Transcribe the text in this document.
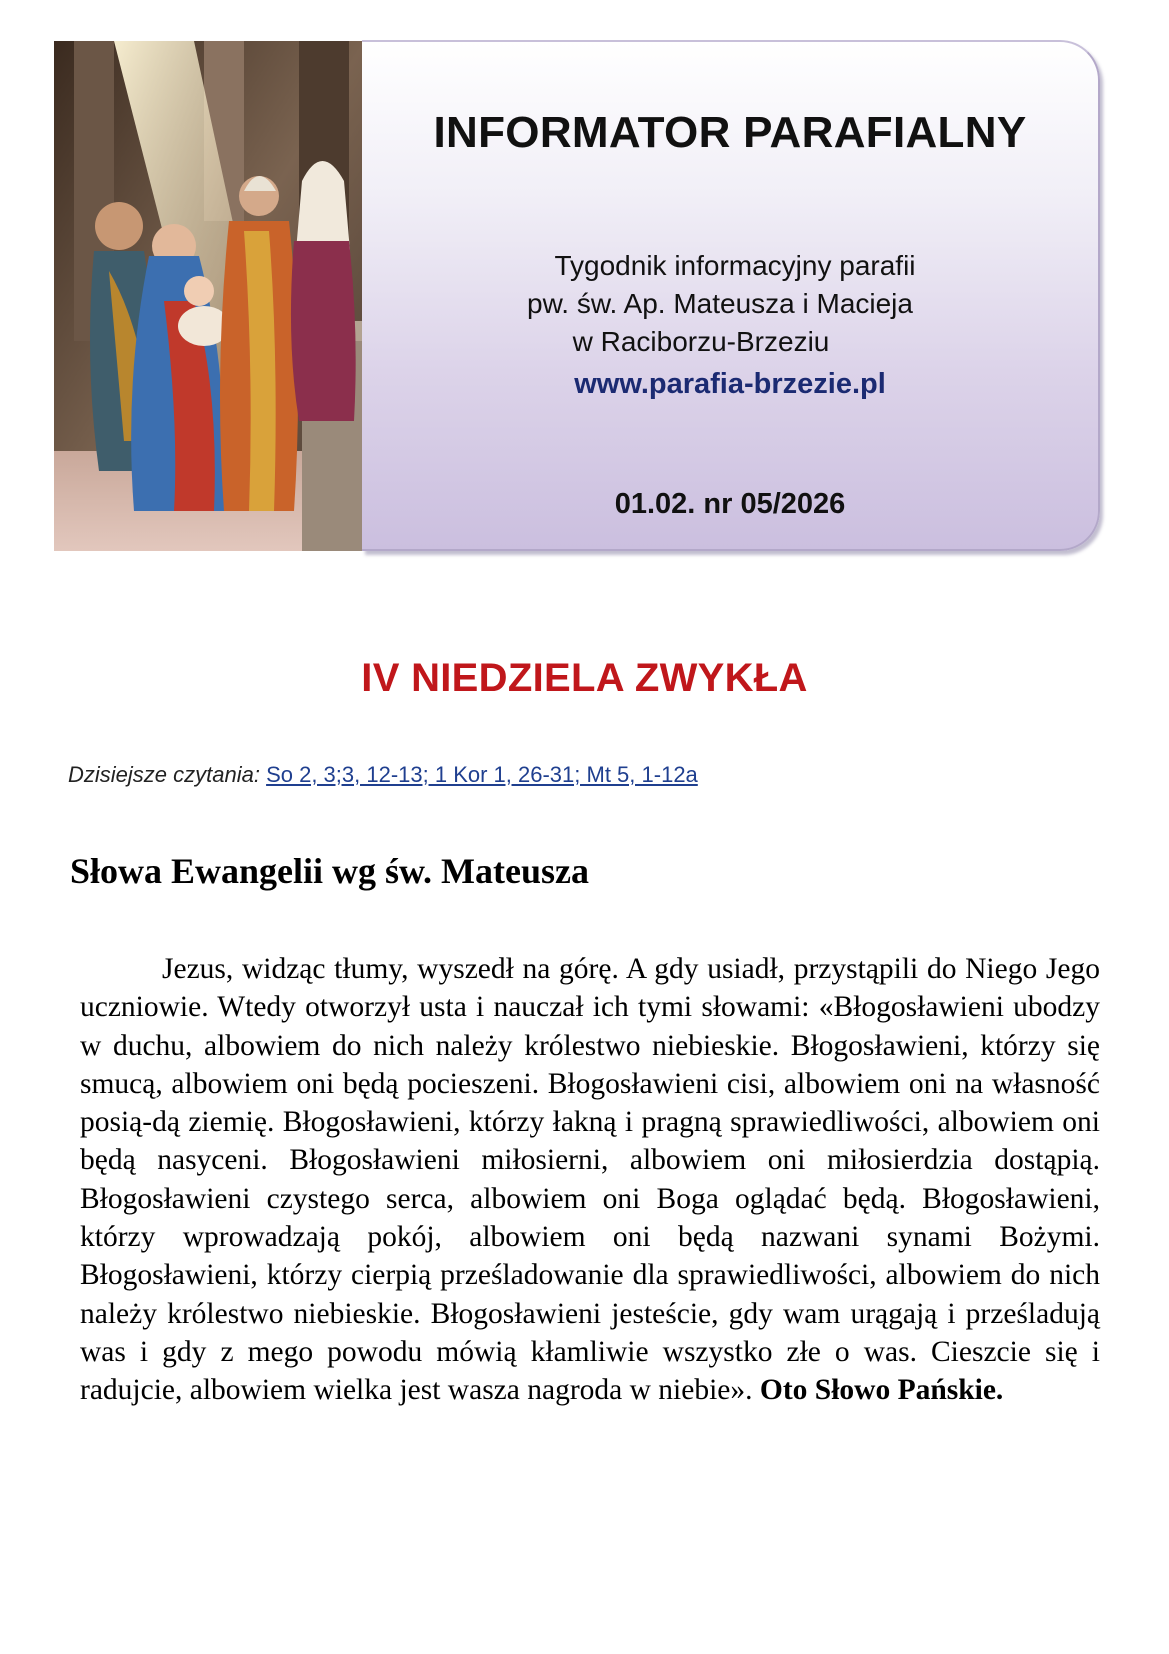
INFORMATOR PARAFIALNY
Tygodnik informacyjny parafii
pw. św. Ap. Mateusza i Macieja
w Raciborzu-Brzeziu
www.parafia-brzezie.pl
01.02. nr 05/2026
IV NIEDZIELA ZWYKŁA
Dzisiejsze czytania: So 2, 3;3, 12-13; 1 Kor 1, 26-31; Mt 5, 1-12a
Słowa Ewangelii wg św. Mateusza

Jezus, widząc tłumy, wyszedł na górę. A gdy usiadł, przystąpili do Niego Jego uczniowie. Wtedy otworzył usta i nauczał ich tymi słowami: «Błogosławieni ubodzy w duchu, albowiem do nich należy królestwo niebieskie. Błogosławieni, którzy się smucą, albowiem oni będą pocieszeni. Błogosławieni cisi, albowiem oni na własność posią-dą ziemię. Błogosławieni, którzy łakną i pragną sprawiedliwości, albowiem oni będą nasyceni. Błogosławieni miłosierni, albowiem oni miłosierdzia dostąpią. Błogosławieni czystego serca, albowiem oni Boga oglądać będą. Błogosławieni, którzy wprowadzają pokój, albowiem oni będą nazwani synami Bożymi. Błogosławieni, którzy cierpią prześladowanie dla sprawiedliwości, albowiem do nich należy królestwo niebieskie. Błogosławieni jesteście, gdy wam urągają i prześladują was i gdy z mego powodu mówią kłamliwie wszystko złe o was. Cieszcie się i radujcie, albowiem wielka jest wasza nagroda w niebie». Oto Słowo Pańskie.
